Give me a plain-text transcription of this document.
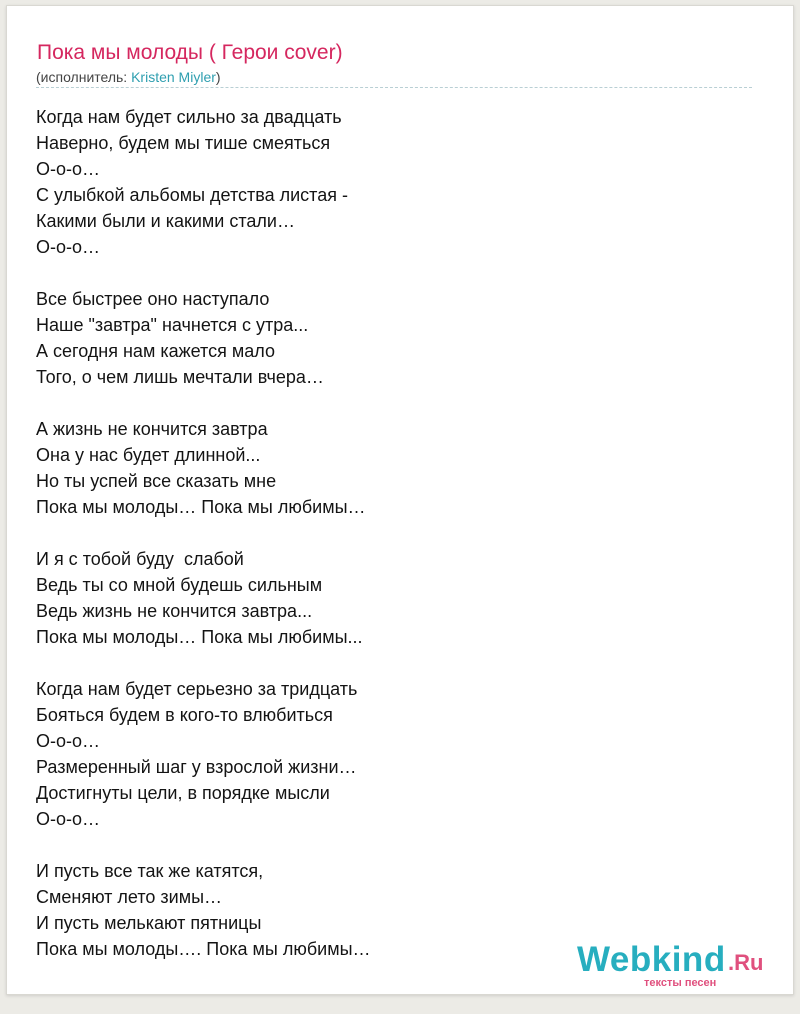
Пока мы молоды ( Герои cover)
(исполнитель: Kristen Miyler)
Когда нам будет сильно за двадцать
Наверно, будем мы тише смеяться
О-о-о…
С улыбкой альбомы детства листая -
Какими были и какими стали…
О-о-о…
Все быстрее оно наступало
Наше "завтра" начнется с утра...
А сегодня нам кажется мало
Того, о чем лишь мечтали вчера…
А жизнь не кончится завтра
Она у нас будет длинной...
Но ты успей все сказать мне
Пока мы молоды… Пока мы любимы…
И я с тобой буду  слабой
Ведь ты со мной будешь сильным
Ведь жизнь не кончится завтра...
Пока мы молоды… Пока мы любимы...
Когда нам будет серьезно за тридцать
Бояться будем в кого-то влюбиться
О-о-о…
Размеренный шаг у взрослой жизни…
Достигнуты цели, в порядке мысли
О-о-о…
И пусть все так же катятся,
Сменяют лето зимы…
И пусть мелькают пятницы
Пока мы молоды…. Пока мы любимы…	Webkind .Ru
тексты песен
